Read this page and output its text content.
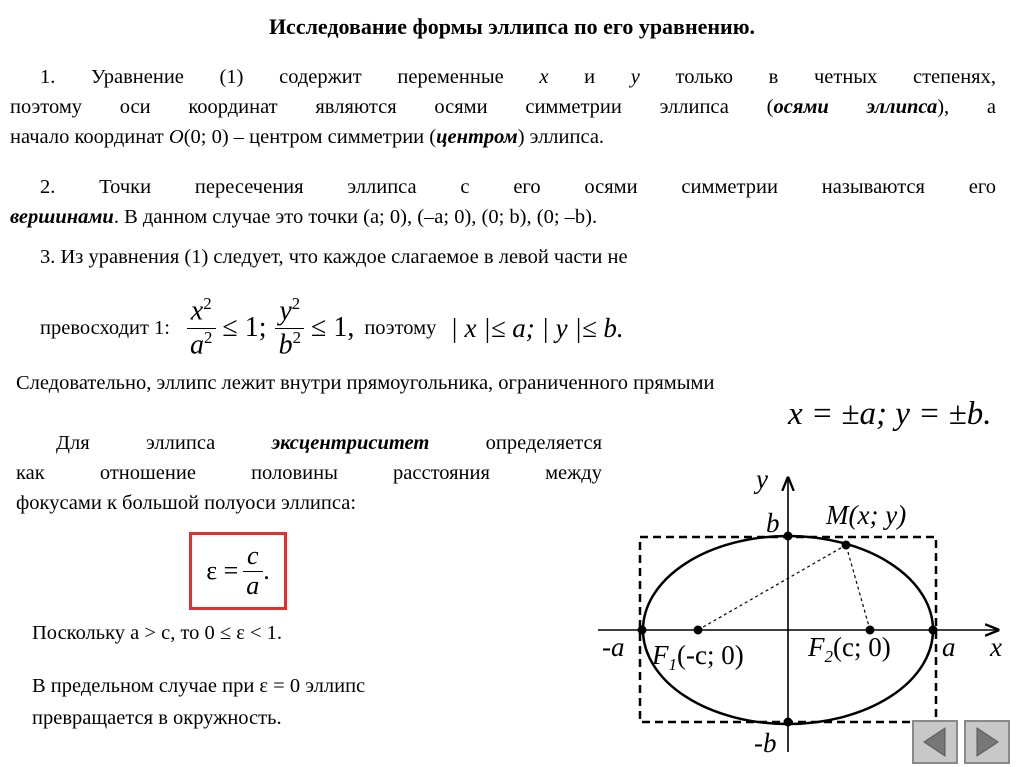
Исследование формы эллипса по его уравнению.
1. Уравнение (1) содержит переменные x и y только в четных степенях,
поэтому оси координат являются осями симметрии эллипса (осями эллипса), а
начало координат O(0; 0) – центром симметрии (центром) эллипса.
2. Точки пересечения эллипса с его осями симметрии называются его
вершинами. В данном случае это точки (a; 0), (–a; 0), (0; b), (0; –b).
3. Из уравнения (1) следует, что каждое слагаемое в левой части не
превосходит 1: $\frac{x^2}{a^2} \le 1$; $\frac{y^2}{b^2} \le 1$, поэтому | x |≤ a; | y |≤ b.
Следовательно, эллипс лежит внутри прямоугольника, ограниченного прямыми
x = ±a; y = ±b.
Для эллипса эксцентриситет определяется
как отношение половины расстояния между
фокусами к большой полуоси эллипса:
$\varepsilon = \frac{c}{a}$ .
Поскольку a > c, то 0 ≤ ε < 1.
В предельном случае при ε = 0 эллипс
превращается в окружность.
y
x
b
-b
a
-a
M(x; y)
$F_1(-c$; 0) $F_2(c$; 0)
